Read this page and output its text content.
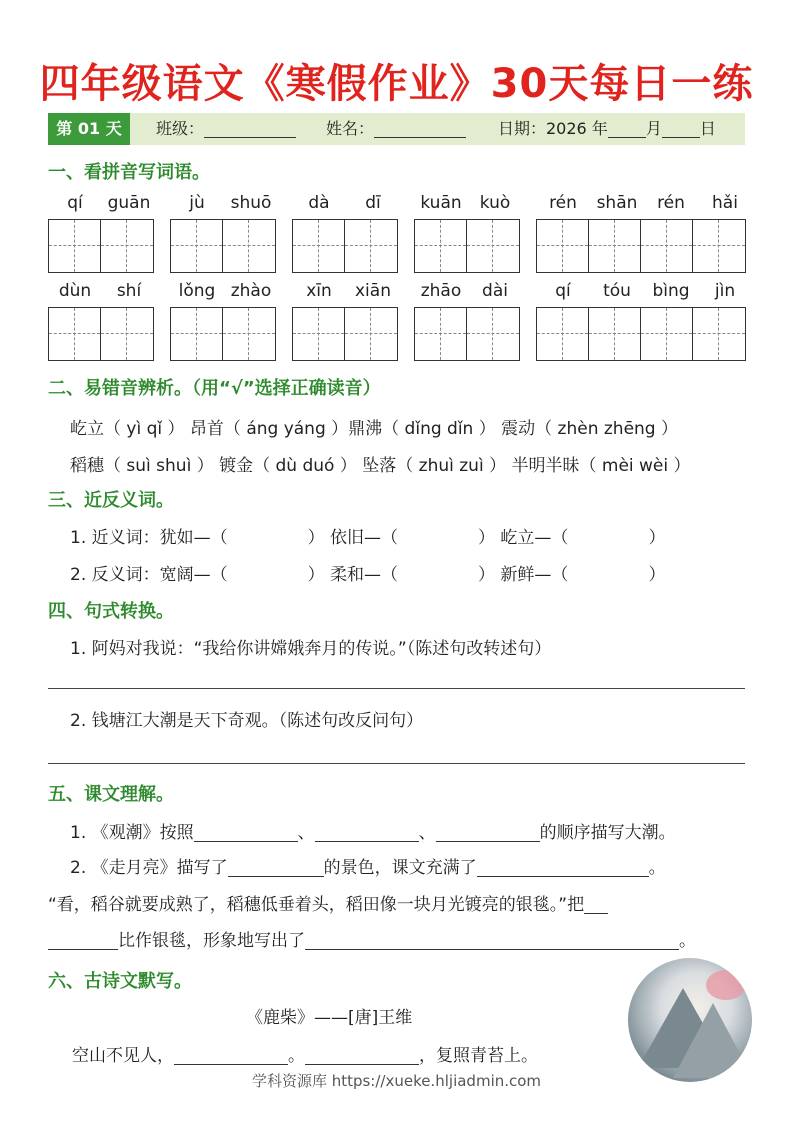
四年级语文《寒假作业》30天每日一练
第 01 天	班级：	姓名：	日期：2026 年 月 日
一、看拼音写词语。
qí	guān	jù	shuō	dà	dī	kuān	kuò	rén	shān	rén	hǎi
dùn	shí	lǒng zhào	xīn	xiān	zhāo	dài	qí	tóu	bìng	jìn
二、易错音辨析。（用“√”选择正确读音）
屹立（ yì qǐ ） 昂首（ áng yáng ）鼎沸（ dǐng dǐn ） 震动（ zhèn zhēng ）
稻穗（ suì shuì ） 镀金（ dù duó ） 坠落（ zhuì zuì ） 半明半昧（ mèi wèi ）
三、近反义词。
1. 近义词：犹如—（	） 依旧—（	） 屹立—（	）
2. 反义词：宽阔—（	） 柔和—（	） 新鲜—（	）
四、句式转换。
1. 阿妈对我说：“我给你讲嫦娥奔月的传说。”（陈述句改转述句）
2. 钱塘江大潮是天下奇观。（陈述句改反问句）
五、课文理解。
1. 《观潮》按照	、	、	的顺序描写大潮。
2. 《走月亮》描写了	的景色，课文充满了	。
“看，稻谷就要成熟了，稻穗低垂着头，稻田像一块月光镀亮的银毯。”把
比作银毯，形象地写出了	。
六、古诗文默写。
《鹿柴》——[唐]王维
空山不见人，	。	，复照青苔上。
学科资源库 https://xueke.hljiadmin.com
